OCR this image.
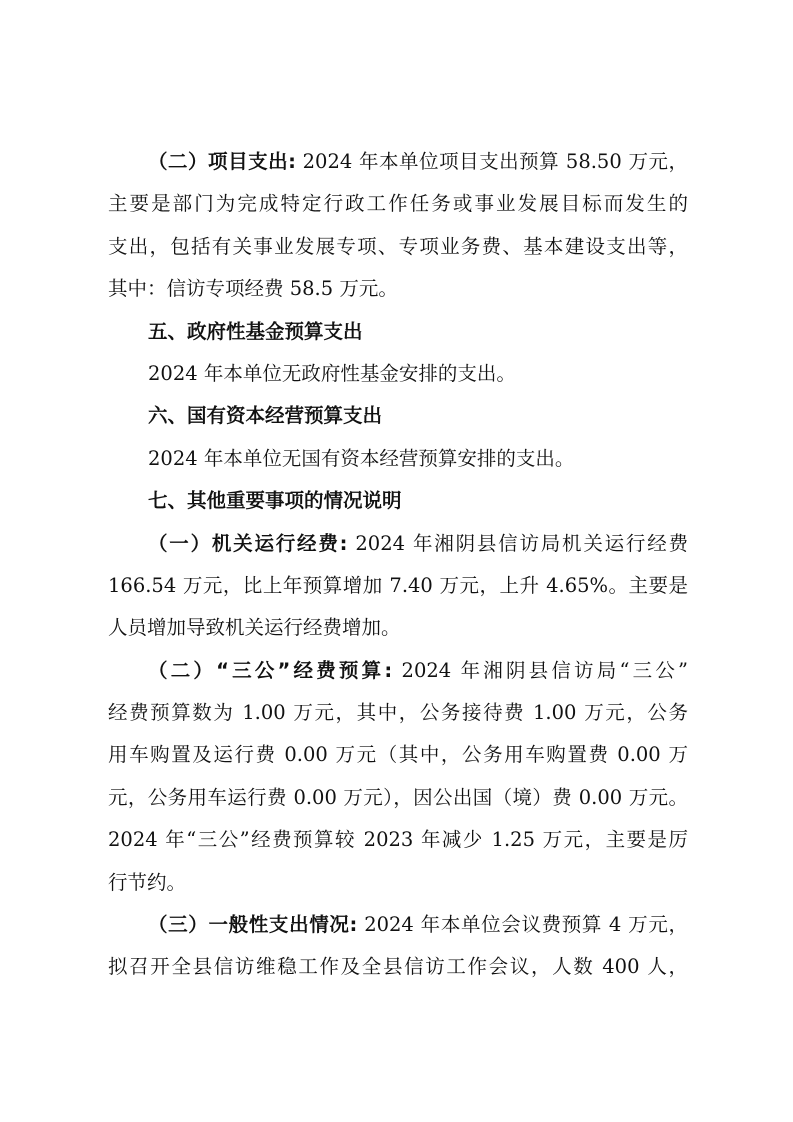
（二）项目支出: 2024 年本单位项目支出预算 58.50 万元，
主要是部门为完成特定行政工作任务或事业发展目标而发生的
支出，包括有关事业发展专项、专项业务费、基本建设支出等，
其中：信访专项经费 58.5 万元。
五、政府性基金预算支出
2024 年本单位无政府性基金安排的支出。
六、国有资本经营预算支出
2024 年本单位无国有资本经营预算安排的支出。
七、其他重要事项的情况说明
（一）机关运行经费: 2024 年湘阴县信访局机关运行经费
166.54 万元，比上年预算增加 7.40 万元，上升 4.65%。主要是
人员增加导致机关运行经费增加。
（二）“三公”经费预算: 2024 年湘阴县信访局“三公”
经费预算数为 1.00 万元，其中，公务接待费 1.00 万元，公务
用车购置及运行费 0.00 万元（其中，公务用车购置费 0.00 万
元，公务用车运行费 0.00 万元），因公出国（境）费 0.00 万元。
2024 年“三公”经费预算较 2023 年减少 1.25 万元，主要是厉
行节约。
（三）一般性支出情况: 2024 年本单位会议费预算 4 万元，
拟召开全县信访维稳工作及全县信访工作会议，人数 400 人，
